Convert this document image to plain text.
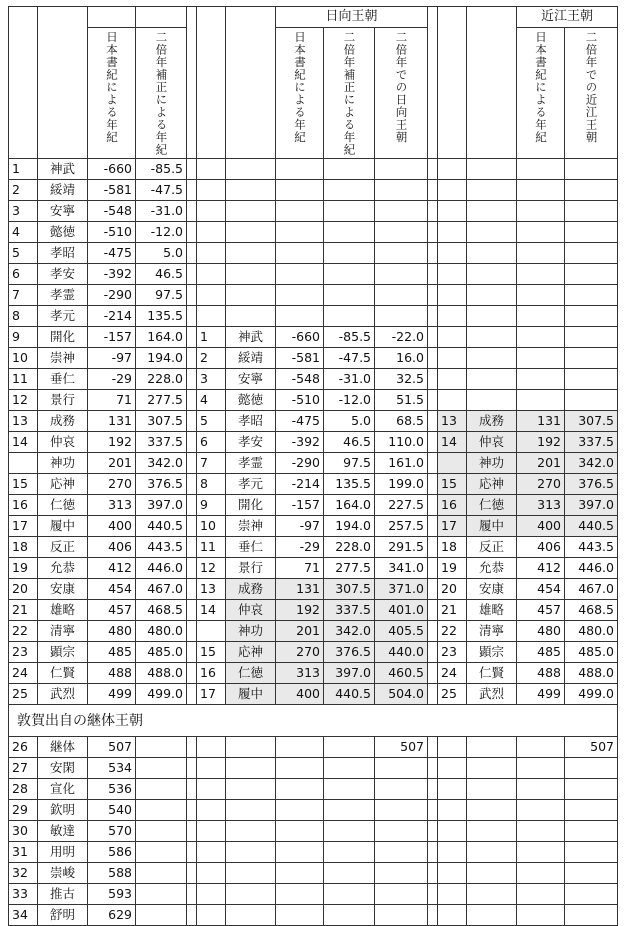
							日向王朝						近江王朝	

		日本書紀による年紀	二倍年補正による年紀				日本書紀による年紀	二倍年補正による年紀	二倍年での日向王朝				日本書紀による年紀	二倍年での近江王朝

1	神武	-660	-85.5											
2	綏靖	-581	-47.5											
3	安寧	-548	-31.0											
4	懿徳	-510	-12.0											
5	孝昭	-475	5.0											
6	孝安	-392	46.5											
7	孝霊	-290	97.5											
8	孝元	-214	135.5											
9	開化	-157	164.0		1	神武	-660	-85.5	-22.0					
10	崇神	-97	194.0		2	綏靖	-581	-47.5	16.0					
11	垂仁	-29	228.0		3	安寧	-548	-31.0	32.5					
12	景行	71	277.5		4	懿徳	-510	-12.0	51.5					
13	成務	131	307.5		5	孝昭	-475	5.0	68.5		13	成務	131	307.5
14	仲哀	192	337.5		6	孝安	-392	46.5	110.0		14	仲哀	192	337.5
	神功	201	342.0		7	孝霊	-290	97.5	161.0			神功	201	342.0
15	応神	270	376.5		8	孝元	-214	135.5	199.0		15	応神	270	376.5
16	仁徳	313	397.0		9	開化	-157	164.0	227.5		16	仁徳	313	397.0
17	履中	400	440.5		10	崇神	-97	194.0	257.5		17	履中	400	440.5
18	反正	406	443.5		11	垂仁	-29	228.0	291.5		18	反正	406	443.5
19	允恭	412	446.0		12	景行	71	277.5	341.0		19	允恭	412	446.0
20	安康	454	467.0		13	成務	131	307.5	371.0		20	安康	454	467.0
21	雄略	457	468.5		14	仲哀	192	337.5	401.0		21	雄略	457	468.5
22	清寧	480	480.0			神功	201	342.0	405.5		22	清寧	480	480.0
23	顕宗	485	485.0		15	応神	270	376.5	440.0		23	顕宗	485	485.0
24	仁賢	488	488.0		16	仁徳	313	397.0	460.5		24	仁賢	488	488.0
25	武烈	499	499.0		17	履中	400	440.5	504.0		25	武烈	499	499.0
敦賀出自の継体王朝														
26	継体	507							507					507
27	安閑	534												
28	宣化	536												
29	欽明	540												
30	敏達	570												
31	用明	586												
32	崇峻	588												
33	推古	593												
34	舒明	629												
